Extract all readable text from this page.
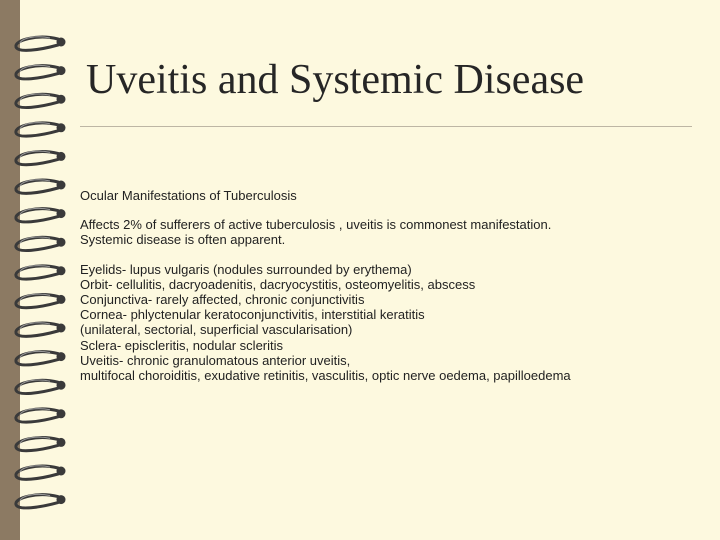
Uveitis and Systemic Disease

Ocular Manifestations of Tuberculosis

Affects 2% of sufferers of active tuberculosis , uveitis is commonest manifestation.
Systemic disease is often apparent.

Eyelids- lupus vulgaris (nodules surrounded by erythema)
Orbit- cellulitis, dacryoadenitis, dacryocystitis, osteomyelitis, abscess
Conjunctiva- rarely affected, chronic conjunctivitis
Cornea- phlyctenular keratoconjunctivitis, interstitial keratitis
(unilateral, sectorial, superficial vascularisation)
Sclera- episcleritis, nodular scleritis
Uveitis- chronic granulomatous anterior uveitis,
multifocal choroiditis, exudative retinitis, vasculitis, optic nerve oedema, papilloedema
